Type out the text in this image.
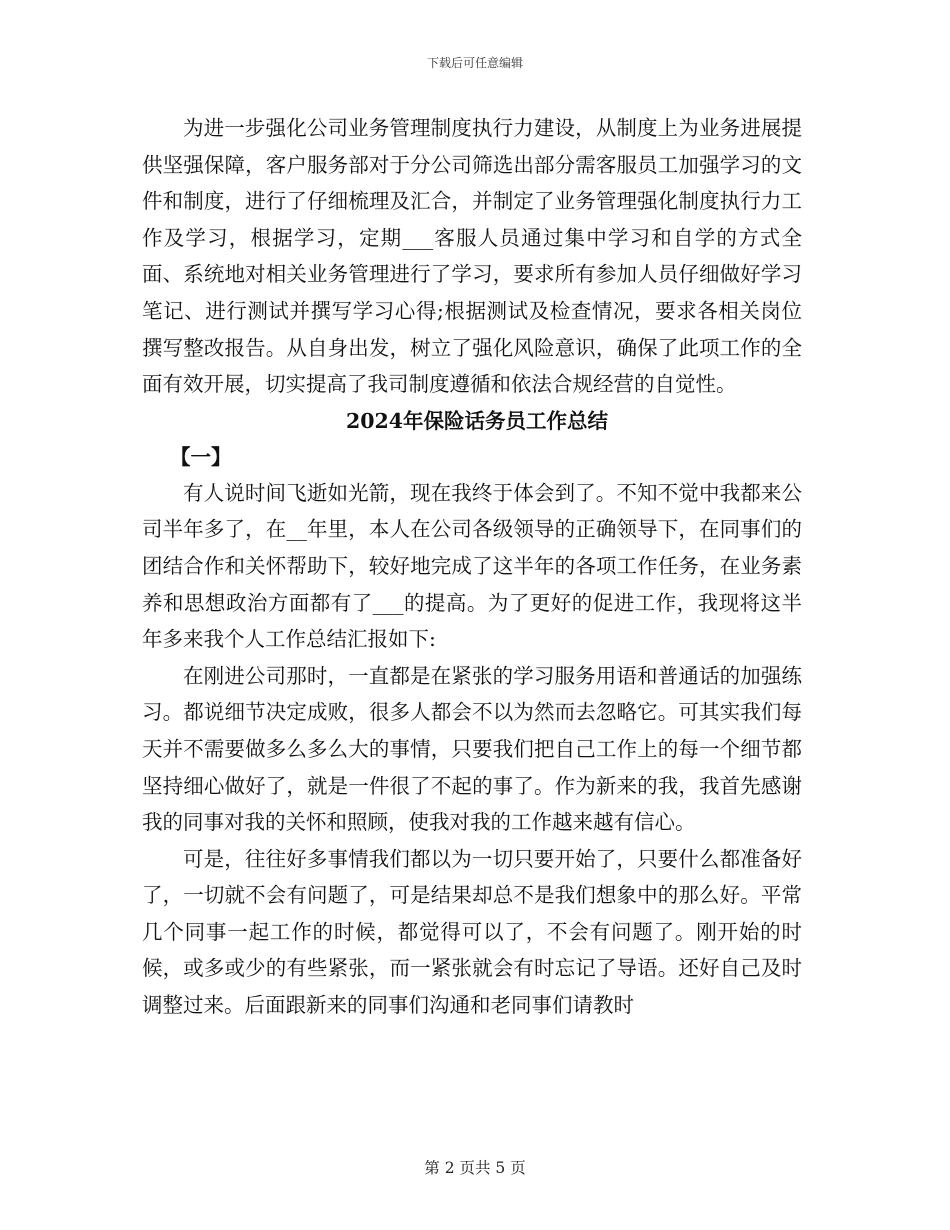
下载后可任意编辑

为进一步强化公司业务管理制度执行力建设，从制度上为业务进展提供坚强保障，客户服务部对于分公司筛选出部分需客服员工加强学习的文件和制度，进行了仔细梳理及汇合，并制定了业务管理强化制度执行力工作及学习，根据学习，定期___客服人员通过集中学习和自学的方式全面、系统地对相关业务管理进行了学习，要求所有参加人员仔细做好学习笔记、进行测试并撰写学习心得;根据测试及检查情况，要求各相关岗位撰写整改报告。从自身出发，树立了强化风险意识，确保了此项工作的全面有效开展，切实提高了我司制度遵循和依法合规经营的自觉性。

2024年保险话务员工作总结

【一】

有人说时间飞逝如光箭，现在我终于体会到了。不知不觉中我都来公司半年多了，在__年里，本人在公司各级领导的正确领导下，在同事们的团结合作和关怀帮助下，较好地完成了这半年的各项工作任务，在业务素养和思想政治方面都有了___的提高。为了更好的促进工作，我现将这半年多来我个人工作总结汇报如下:

在刚进公司那时，一直都是在紧张的学习服务用语和普通话的加强练习。都说细节决定成败，很多人都会不以为然而去忽略它。可其实我们每天并不需要做多么多么大的事情，只要我们把自己工作上的每一个细节都坚持细心做好了，就是一件很了不起的事了。作为新来的我，我首先感谢我的同事对我的关怀和照顾，使我对我的工作越来越有信心。

可是，往往好多事情我们都以为一切只要开始了，只要什么都准备好了，一切就不会有问题了，可是结果却总不是我们想象中的那么好。平常几个同事一起工作的时候，都觉得可以了，不会有问题了。刚开始的时候，或多或少的有些紧张，而一紧张就会有时忘记了导语。还好自己及时调整过来。后面跟新来的同事们沟通和老同事们请教时

第 2 页共 5 页
